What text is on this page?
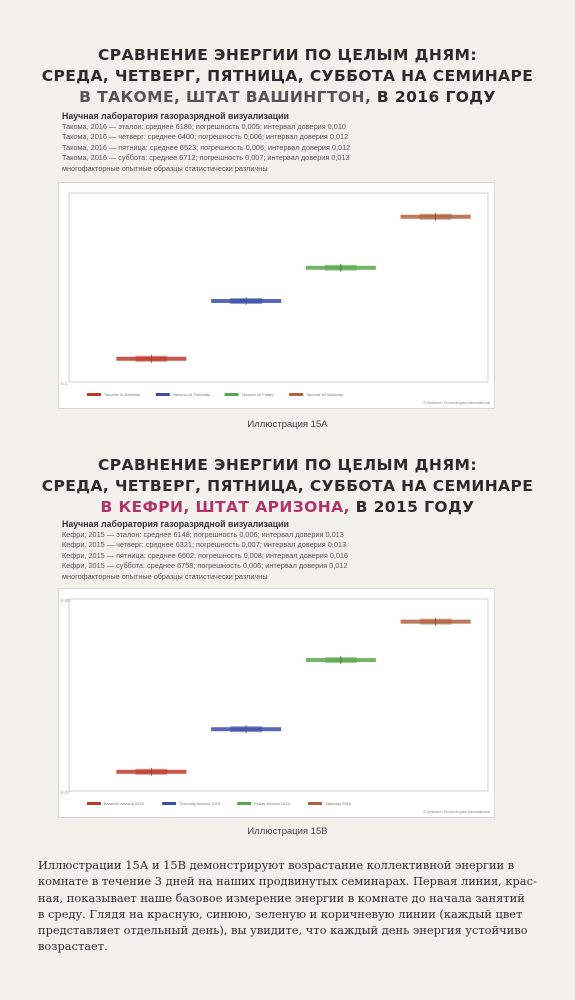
СРАВНЕНИЕ ЭНЕРГИИ ПО ЦЕЛЫМ ДНЯМ:
СРЕДА, ЧЕТВЕРГ, ПЯТНИЦА, СУББОТА НА СЕМИНАРЕ
В ТАКОМЕ, ШТАТ ВАШИНГТОН, В 2016 ГОДУ
Научная лаборатория газоразрядной визуализации
Такома, 2016 — эталон: среднее 6186; погрешность 0,005; интервал доверия 0,010
Такома, 2016 — четверг: среднее 6400; погрешность 0,006; интервал доверия 0,012
Такома, 2016 — пятница: среднее 6523; погрешность 0,006; интервал доверия 0,012
Такома, 2016 — суббота: среднее 6712; погрешность 0,007; интервал доверия 0,013
многофакторные опытные образцы статистически различны
6.1
Tacoma 16 Baseline	Tacoma 16 Thursday	Tacoma 16 Friday	Tacoma 16 Saturday
© Airbrisco Technologies International
Иллюстрация 15А
СРАВНЕНИЕ ЭНЕРГИИ ПО ЦЕЛЫМ ДНЯМ:
СРЕДА, ЧЕТВЕРГ, ПЯТНИЦА, СУББОТА НА СЕМИНАРЕ
В КЕФРИ, ШТАТ АРИЗОНА, В 2015 ГОДУ
Научная лаборатория газоразрядной визуализации
Кефри, 2015 — эталон: среднее 6148; погрешность 0,006; интервал доверия 0,013
Кефри, 2015 — четверг: среднее 6321; погрешность 0,007; интервал доверия 0,013
Кефри, 2015 — пятница: среднее 6602; погрешность 0,008; интервал доверия 0,016
Кефри, 2015 — суббота: среднее 6758; погрешность 0,006; интервал доверия 0,012
многофакторные опытные образцы статистически различны
6.85
6.07
Baseline Arizona 2015	Thursday Arizona 2015	Friday Arizona 2015	Saturday 2015
© Airbrisco Technologies International
Иллюстрация 15В
Иллюстрации 15А и 15В демонстрируют возрастание коллективной энергии в
комнате в течение 3 дней на наших продвинутых семинарах. Первая линия, крас-
ная, показывает наше базовое измерение энергии в комнате до начала занятий
в среду. Глядя на красную, синюю, зеленую и коричневую линии (каждый цвет
представляет отдельный день), вы увидите, что каждый день энергия устойчиво
возрастает.
